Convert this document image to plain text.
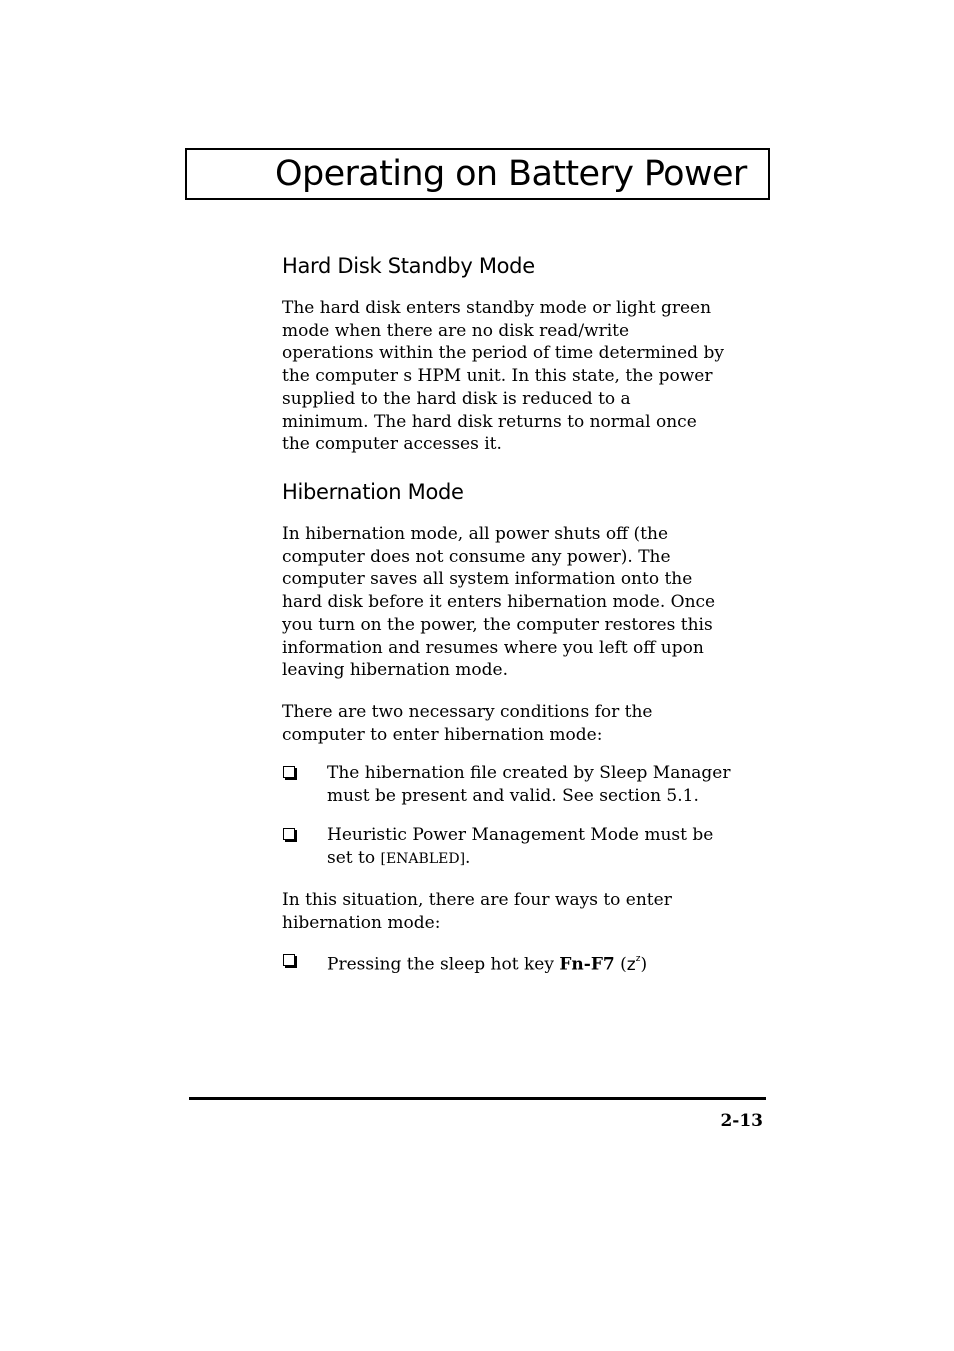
Operating on Battery Power
Hard Disk Standby Mode

The hard disk enters standby mode or light green
mode when there are no disk read/write
operations within the period of time determined by
the computer s HPM unit. In this state, the power
supplied to the hard disk is reduced to a
minimum. The hard disk returns to normal once
the computer accesses it.

Hibernation Mode

In hibernation mode, all power shuts off (the
computer does not consume any power). The
computer saves all system information onto the
hard disk before it enters hibernation mode. Once
you turn on the power, the computer restores this
information and resumes where you left off upon
leaving hibernation mode.

There are two necessary conditions for the
computer to enter hibernation mode:

The hibernation file created by Sleep Manager
must be present and valid. See section 5.1.
Heuristic Power Management Mode must be
set to [ENABLED].

In this situation, there are four ways to enter
hibernation mode:

Pressing the sleep hot key Fn-F7 $(z^z)$
2-13
